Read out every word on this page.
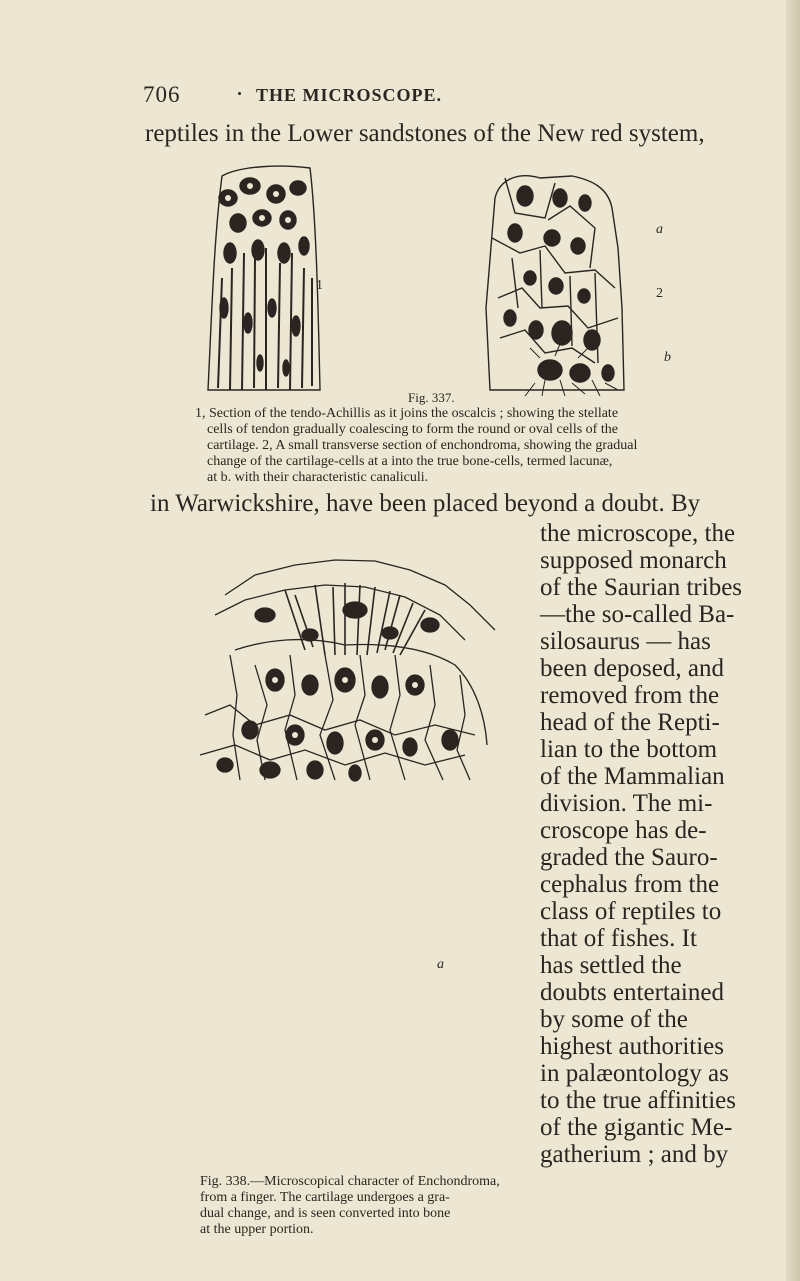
706	THE MICROSCOPE.
reptiles in the Lower sandstones of the New red system,
1
2
a
b
Fig. 337.
1, Section of the tendo-Achillis as it joins the oscalcis ; showing the stellate
cells of tendon gradually coalescing to form the round or oval cells of the
cartilage. 2, A small transverse section of enchondroma, showing the gradual
change of the cartilage-cells at a into the true bone-cells, termed lacunæ,
at b. with their characteristic canaliculi.
in Warwickshire, have been placed beyond a doubt. By
a
Fig. 338.—Microscopical character of Enchondroma,
from a finger. The cartilage undergoes a gra-
dual change, and is seen converted into bone
at the upper portion.
the microscope, the
supposed monarch
of the Saurian tribes
—the so-called Ba-
silosaurus — has
been deposed, and
removed from the
head of the Repti-
lian to the bottom
of the Mammalian
division. The mi-
croscope has de-
graded the Sauro-
cephalus from the
class of reptiles to
that of fishes. It
has settled the
doubts entertained
by some of the
highest authorities
in palæontology as
to the true affinities
of the gigantic Me-
gatherium ; and by
